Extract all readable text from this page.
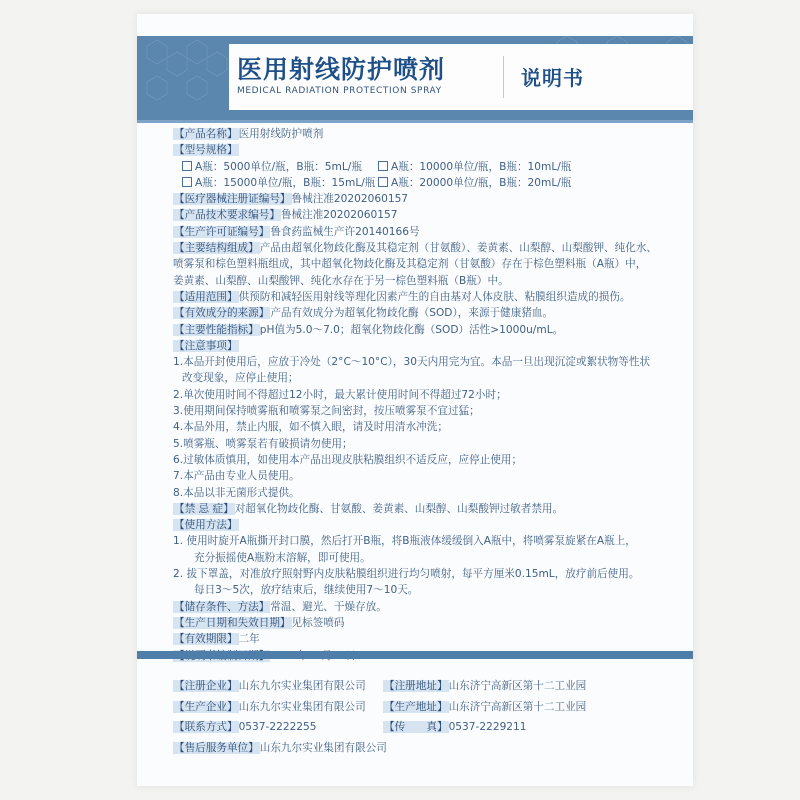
医用射线防护喷剂
MEDICAL RADIATION PROTECTION SPRAY
说明书
【产品名称】医用射线防护喷剂
【型号规格】
A瓶：5000单位/瓶，B瓶：5mL/瓶	A瓶：10000单位/瓶，B瓶：10mL/瓶
A瓶：15000单位/瓶，B瓶：15mL/瓶 A瓶：20000单位/瓶，B瓶：20mL/瓶
【医疗器械注册证编号】鲁械注准20202060157
【产品技术要求编号】鲁械注准20202060157
【生产许可证编号】鲁食药监械生产许20140166号
【主要结构组成】产品由超氧化物歧化酶及其稳定剂（甘氨酸）、姜黄素、山梨醇、山梨酸钾、纯化水、
喷雾泵和棕色塑料瓶组成，其中超氧化物歧化酶及其稳定剂（甘氨酸）存在于棕色塑料瓶（A瓶）中，
姜黄素、山梨醇、山梨酸钾、纯化水存在于另一棕色塑料瓶（B瓶）中。
【适用范围】供预防和减轻医用射线等理化因素产生的自由基对人体皮肤、粘膜组织造成的损伤。
【有效成分的来源】产品有效成分为超氧化物歧化酶（SOD），来源于健康猪血。
【主要性能指标】pH值为5.0～7.0；超氧化物歧化酶（SOD）活性>1000u/mL。
【注意事项】
1.本品开封使用后，应放于冷处（2°C～10°C），30天内用完为宜。本品一旦出现沉淀或絮状物等性状
改变现象，应停止使用；
2.单次使用时间不得超过12小时，最大累计使用时间不得超过72小时；
3.使用期间保持喷雾瓶和喷雾泵之间密封，按压喷雾泵不宜过猛；
4.本品外用，禁止内服，如不慎入眼，请及时用清水冲洗；
5.喷雾瓶、喷雾泵若有破损请勿使用；
6.过敏体质慎用，如使用本产品出现皮肤粘膜组织不适反应，应停止使用；
7.本产品由专业人员使用。
8.本品以非无菌形式提供。
【禁 忌 症】对超氧化物歧化酶、甘氨酸、姜黄素、山梨醇、山梨酸钾过敏者禁用。
【使用方法】
1. 使用时旋开A瓶撕开封口膜，然后打开B瓶，将B瓶液体缓缓倒入A瓶中，将喷雾泵旋紧在A瓶上，
充分振摇使A瓶粉末溶解，即可使用。
2. 拔下罩盖，对准放疗照射野内皮肤粘膜组织进行均匀喷射，每平方厘米0.15mL，放疗前后使用。
每日3～5次，放疗结束后，继续使用7～10天。
【储存条件、方法】常温、避光、干燥存放。
【生产日期和失效日期】见标签喷码
【有效期限】二年
【注册企业】山东九尔实业集团有限公司 【注册地址】山东济宁高新区第十二工业园
【生产企业】山东九尔实业集团有限公司 【生产地址】山东济宁高新区第十二工业园
【联系方式】0537-2222255	【传　　真】0537-2229211
【售后服务单位】山东九尔实业集团有限公司
